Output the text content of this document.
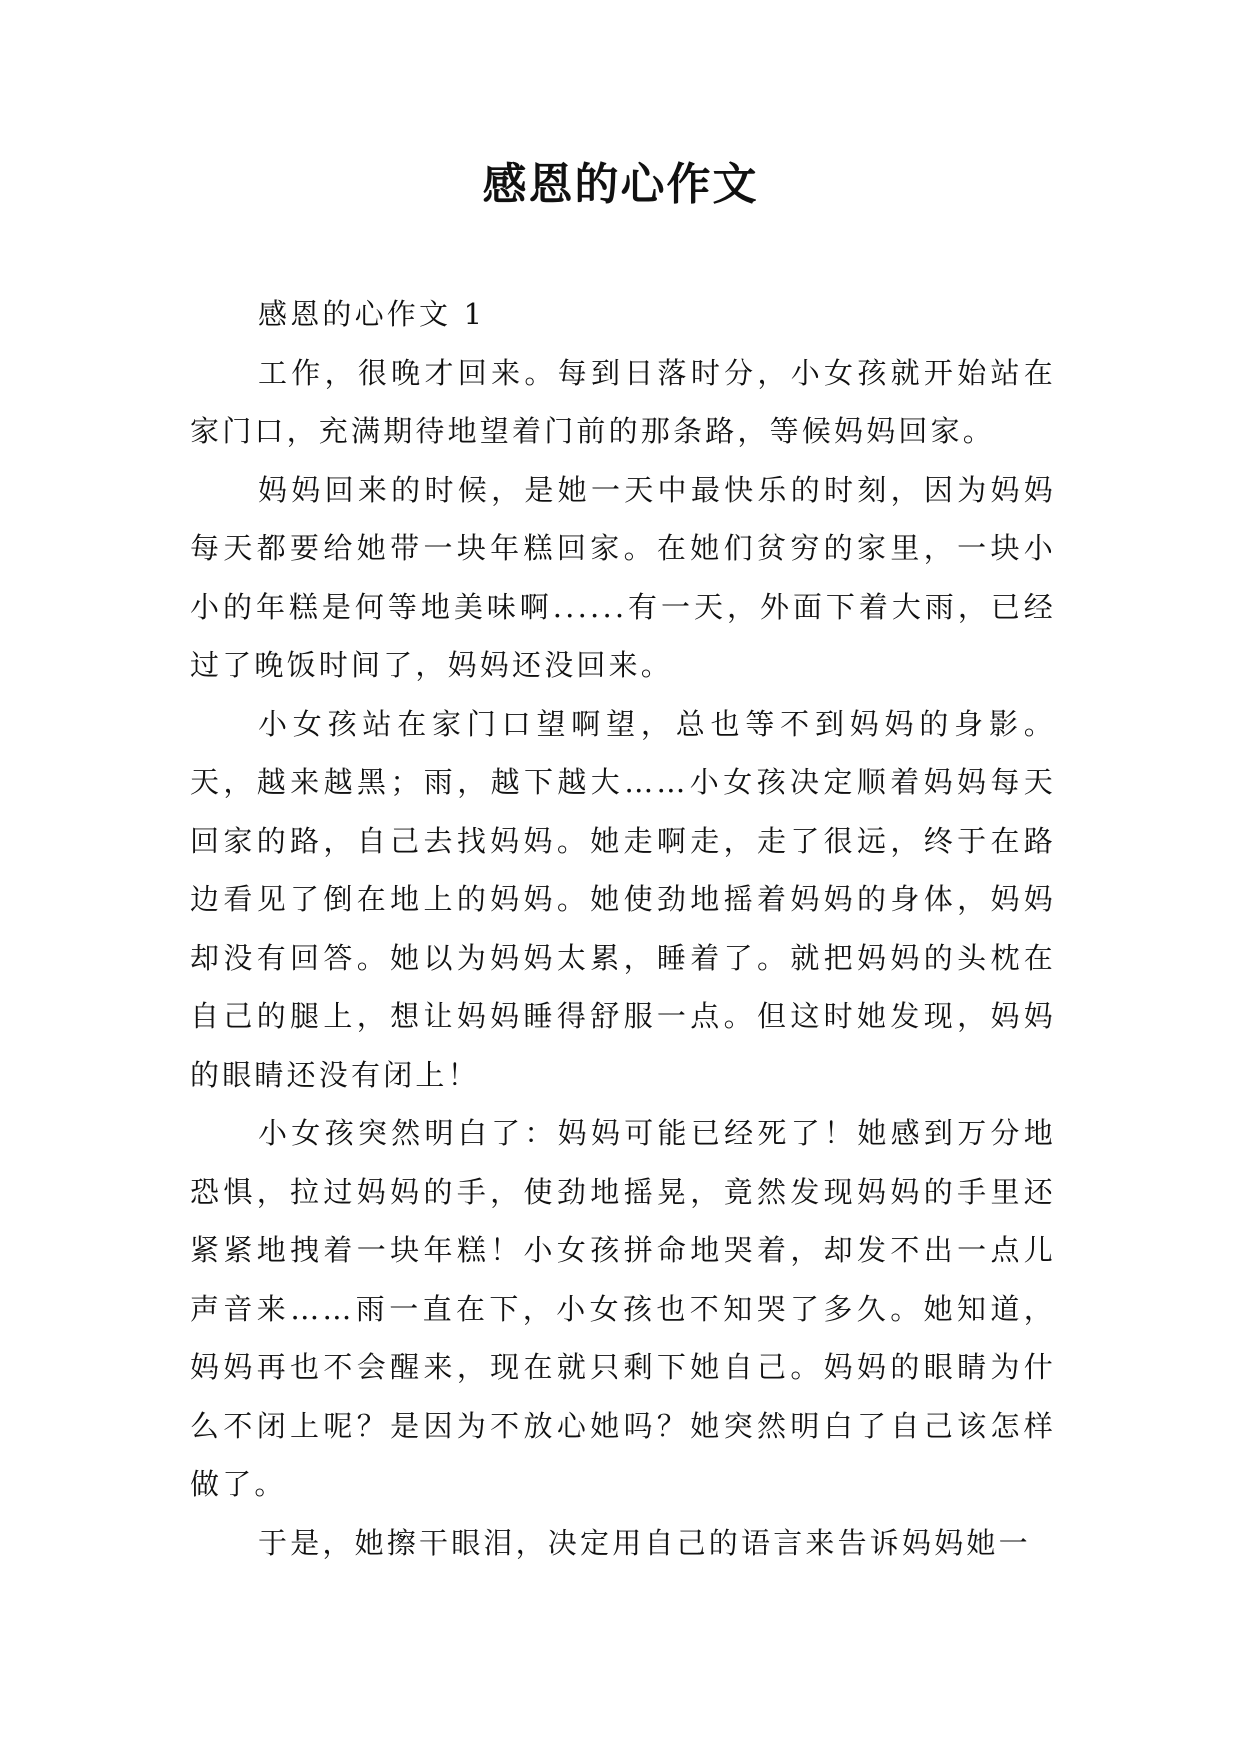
感恩的心作文

感恩的心作文 1

工作，很晚才回来。每到日落时分，小女孩就开始站在家门口，充满期待地望着门前的那条路，等候妈妈回家。

妈妈回来的时候，是她一天中最快乐的时刻，因为妈妈每天都要给她带一块年糕回家。在她们贫穷的家里，一块小小的年糕是何等地美味啊......有一天，外面下着大雨，已经过了晚饭时间了，妈妈还没回来。

小女孩站在家门口望啊望，总也等不到妈妈的身影。天，越来越黑；雨，越下越大……小女孩决定顺着妈妈每天回家的路，自己去找妈妈。她走啊走，走了很远，终于在路边看见了倒在地上的妈妈。她使劲地摇着妈妈的身体，妈妈却没有回答。她以为妈妈太累，睡着了。就把妈妈的头枕在自己的腿上，想让妈妈睡得舒服一点。但这时她发现，妈妈的眼睛还没有闭上！

小女孩突然明白了：妈妈可能已经死了！她感到万分地恐惧，拉过妈妈的手，使劲地摇晃，竟然发现妈妈的手里还紧紧地拽着一块年糕！小女孩拼命地哭着，却发不出一点儿声音来……雨一直在下，小女孩也不知哭了多久。她知道，妈妈再也不会醒来，现在就只剩下她自己。妈妈的眼睛为什么不闭上呢？是因为不放心她吗？她突然明白了自己该怎样做了。

于是，她擦干眼泪，决定用自己的语言来告诉妈妈她一
